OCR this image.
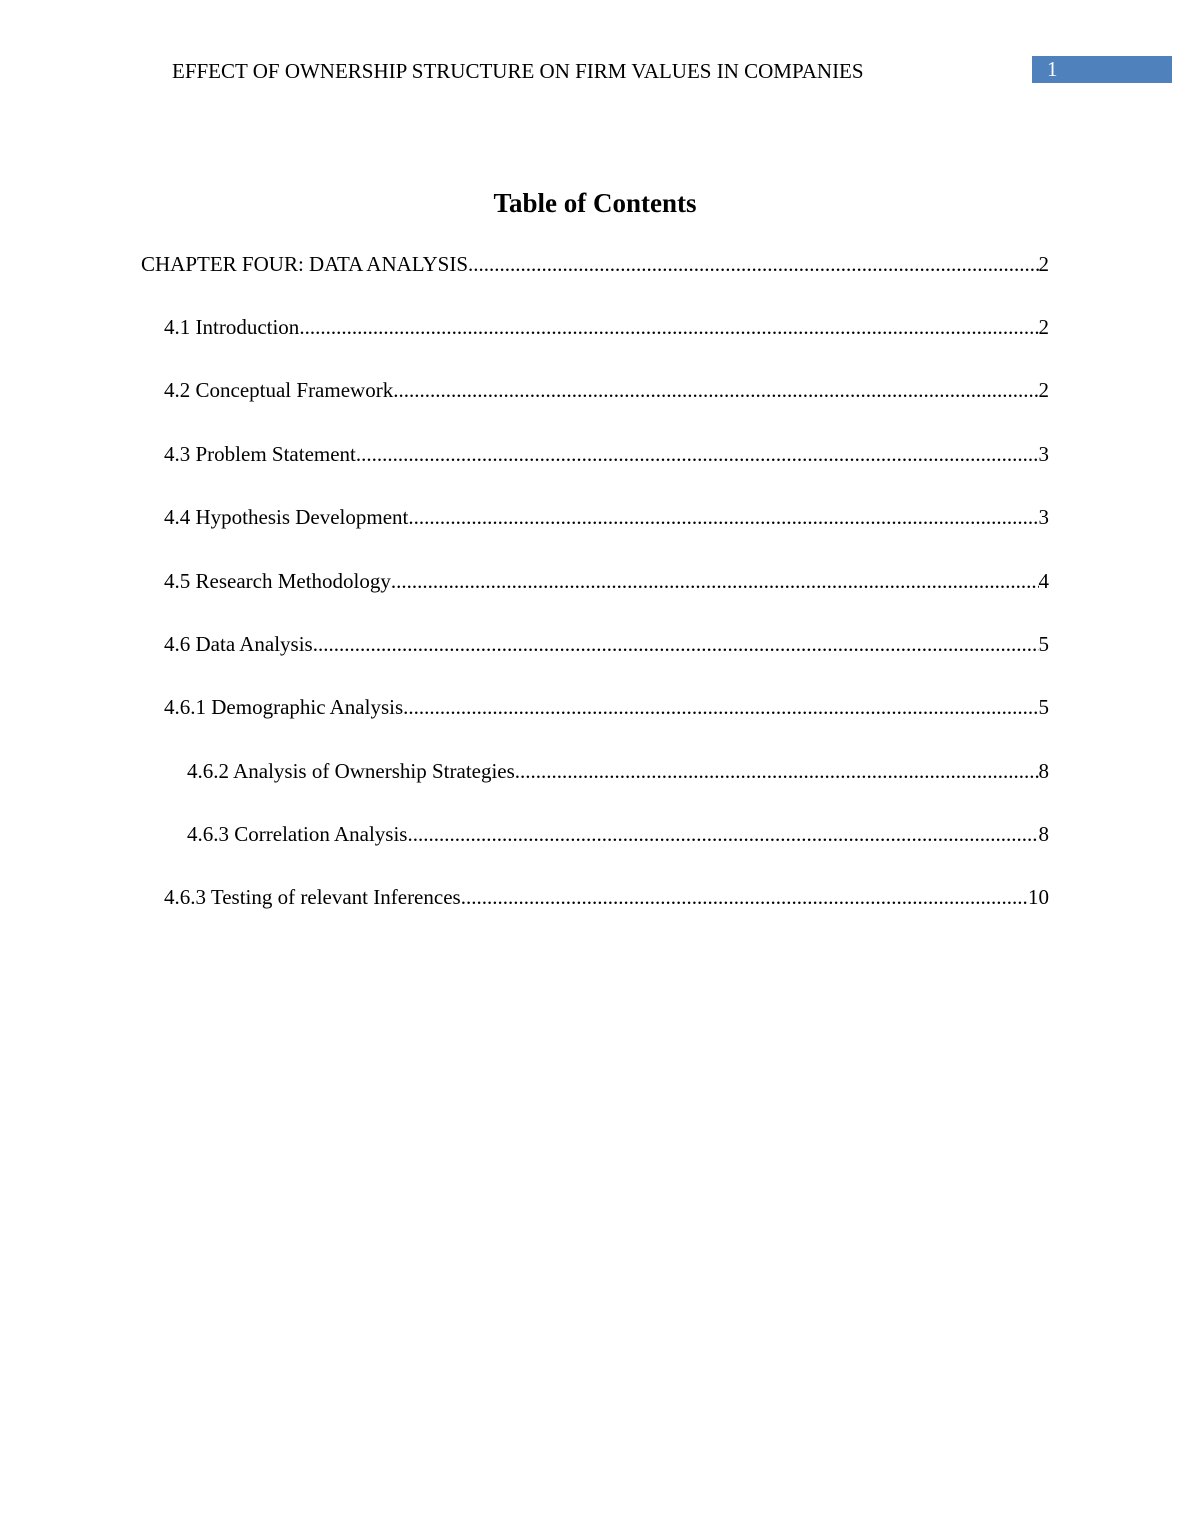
EFFECT OF OWNERSHIP STRUCTURE ON FIRM VALUES IN COMPANIES	1
Table of Contents
CHAPTER FOUR: DATA ANALYSIS .....	2
4.1 Introduction .....	2
4.2 Conceptual Framework .....	2
4.3 Problem Statement .....	3
4.4 Hypothesis Development .....	3
4.5 Research Methodology .....	4
4.6 Data Analysis .....	5
4.6.1 Demographic Analysis .....	5
4.6.2 Analysis of Ownership Strategies .....	8
4.6.3 Correlation Analysis .....	8
4.6.3 Testing of relevant Inferences .....	10
